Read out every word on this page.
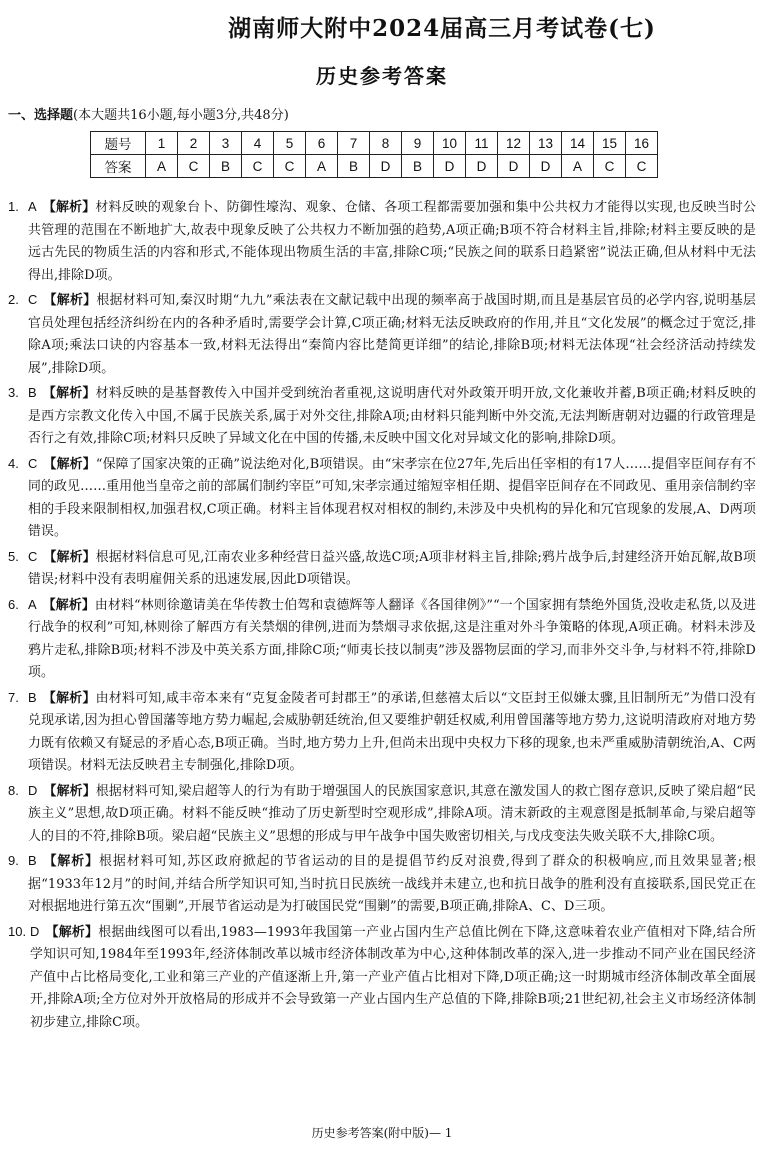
湖南师大附中2024届高三月考试卷(七)
历史参考答案
一、选择题(本大题共16小题,每小题3分,共48分)
题号	1	2	3	4	5	6	7	8	9	10	11	12	13	14	15	16
答案	A	C	B	C	C	A	B	D	B	D	D	D	D	A	C	C
1. A 【解析】材料反映的观象台卜、防御性壕沟、观象、仓储、各项工程都需要加强和集中公共权力才能得以实现,也反映当时公共管理的范围在不断地扩大,故表中现象反映了公共权力不断加强的趋势,A项正确;B项不符合材料主旨,排除;材料主要反映的是远古先民的物质生活的内容和形式,不能体现出物质生活的丰富,排除C项;“民族之间的联系日趋紧密”说法正确,但从材料中无法得出,排除D项。
2. C 【解析】根据材料可知,秦汉时期“九九”乘法表在文献记载中出现的频率高于战国时期,而且是基层官员的必学内容,说明基层官员处理包括经济纠纷在内的各种矛盾时,需要学会计算,C项正确;材料无法反映政府的作用,并且“文化发展”的概念过于宽泛,排除A项;乘法口诀的内容基本一致,材料无法得出“秦简内容比楚简更详细”的结论,排除B项;材料无法体现“社会经济活动持续发展”,排除D项。
3. B 【解析】材料反映的是基督教传入中国并受到统治者重视,这说明唐代对外政策开明开放,文化兼收并蓄,B项正确;材料反映的是西方宗教文化传入中国,不属于民族关系,属于对外交往,排除A项;由材料只能判断中外交流,无法判断唐朝对边疆的行政管理是否行之有效,排除C项;材料只反映了异域文化在中国的传播,未反映中国文化对异域文化的影响,排除D项。
4. C 【解析】“保障了国家决策的正确”说法绝对化,B项错误。由“宋孝宗在位27年,先后出任宰相的有17人……提倡宰臣间存有不同的政见……重用他当皇帝之前的部属们制约宰臣”可知,宋孝宗通过缩短宰相任期、提倡宰臣间存在不同政见、重用亲信制约宰相的手段来限制相权,加强君权,C项正确。材料主旨体现君权对相权的制约,未涉及中央机构的异化和冗官现象的发展,A、D两项错误。
5. C 【解析】根据材料信息可见,江南农业多种经营日益兴盛,故选C项;A项非材料主旨,排除;鸦片战争后,封建经济开始瓦解,故B项错误;材料中没有表明雇佣关系的迅速发展,因此D项错误。
6. A 【解析】由材料“林则徐邀请美在华传教士伯驾和袁德辉等人翻译《各国律例》”“一个国家拥有禁绝外国货,没收走私货,以及进行战争的权利”可知,林则徐了解西方有关禁烟的律例,进而为禁烟寻求依据,这是注重对外斗争策略的体现,A项正确。材料未涉及鸦片走私,排除B项;材料不涉及中英关系方面,排除C项;“师夷长技以制夷”涉及器物层面的学习,而非外交斗争,与材料不符,排除D项。
7. B 【解析】由材料可知,咸丰帝本来有“克复金陵者可封郡王”的承诺,但慈禧太后以“文臣封王似嫌太骤,且旧制所无”为借口没有兑现承诺,因为担心曾国藩等地方势力崛起,会威胁朝廷统治,但又要维护朝廷权威,利用曾国藩等地方势力,这说明清政府对地方势力既有依赖又有疑忌的矛盾心态,B项正确。当时,地方势力上升,但尚未出现中央权力下移的现象,也未严重威胁清朝统治,A、C两项错误。材料无法反映君主专制强化,排除D项。
8. D 【解析】根据材料可知,梁启超等人的行为有助于增强国人的民族国家意识,其意在激发国人的救亡图存意识,反映了梁启超“民族主义”思想,故D项正确。材料不能反映“推动了历史新型时空观形成”,排除A项。清末新政的主观意图是抵制革命,与梁启超等人的目的不符,排除B项。梁启超“民族主义”思想的形成与甲午战争中国失败密切相关,与戊戌变法失败关联不大,排除C项。
9. B 【解析】根据材料可知,苏区政府掀起的节省运动的目的是提倡节约反对浪费,得到了群众的积极响应,而且效果显著;根据“1933年12月”的时间,并结合所学知识可知,当时抗日民族统一战线并未建立,也和抗日战争的胜利没有直接联系,国民党正在对根据地进行第五次“围剿”,开展节省运动是为打破国民党“围剿”的需要,B项正确,排除A、C、D三项。
10. D 【解析】根据曲线图可以看出,1983—1993年我国第一产业占国内生产总值比例在下降,这意味着农业产值相对下降,结合所学知识可知,1984年至1993年,经济体制改革以城市经济体制改革为中心,这种体制改革的深入,进一步推动不同产业在国民经济产值中占比格局变化,工业和第三产业的产值逐渐上升,第一产业产值占比相对下降,D项正确;这一时期城市经济体制改革全面展开,排除A项;全方位对外开放格局的形成并不会导致第一产业占国内生产总值的下降,排除B项;21世纪初,社会主义市场经济体制初步建立,排除C项。
历史参考答案(附中版)— 1
